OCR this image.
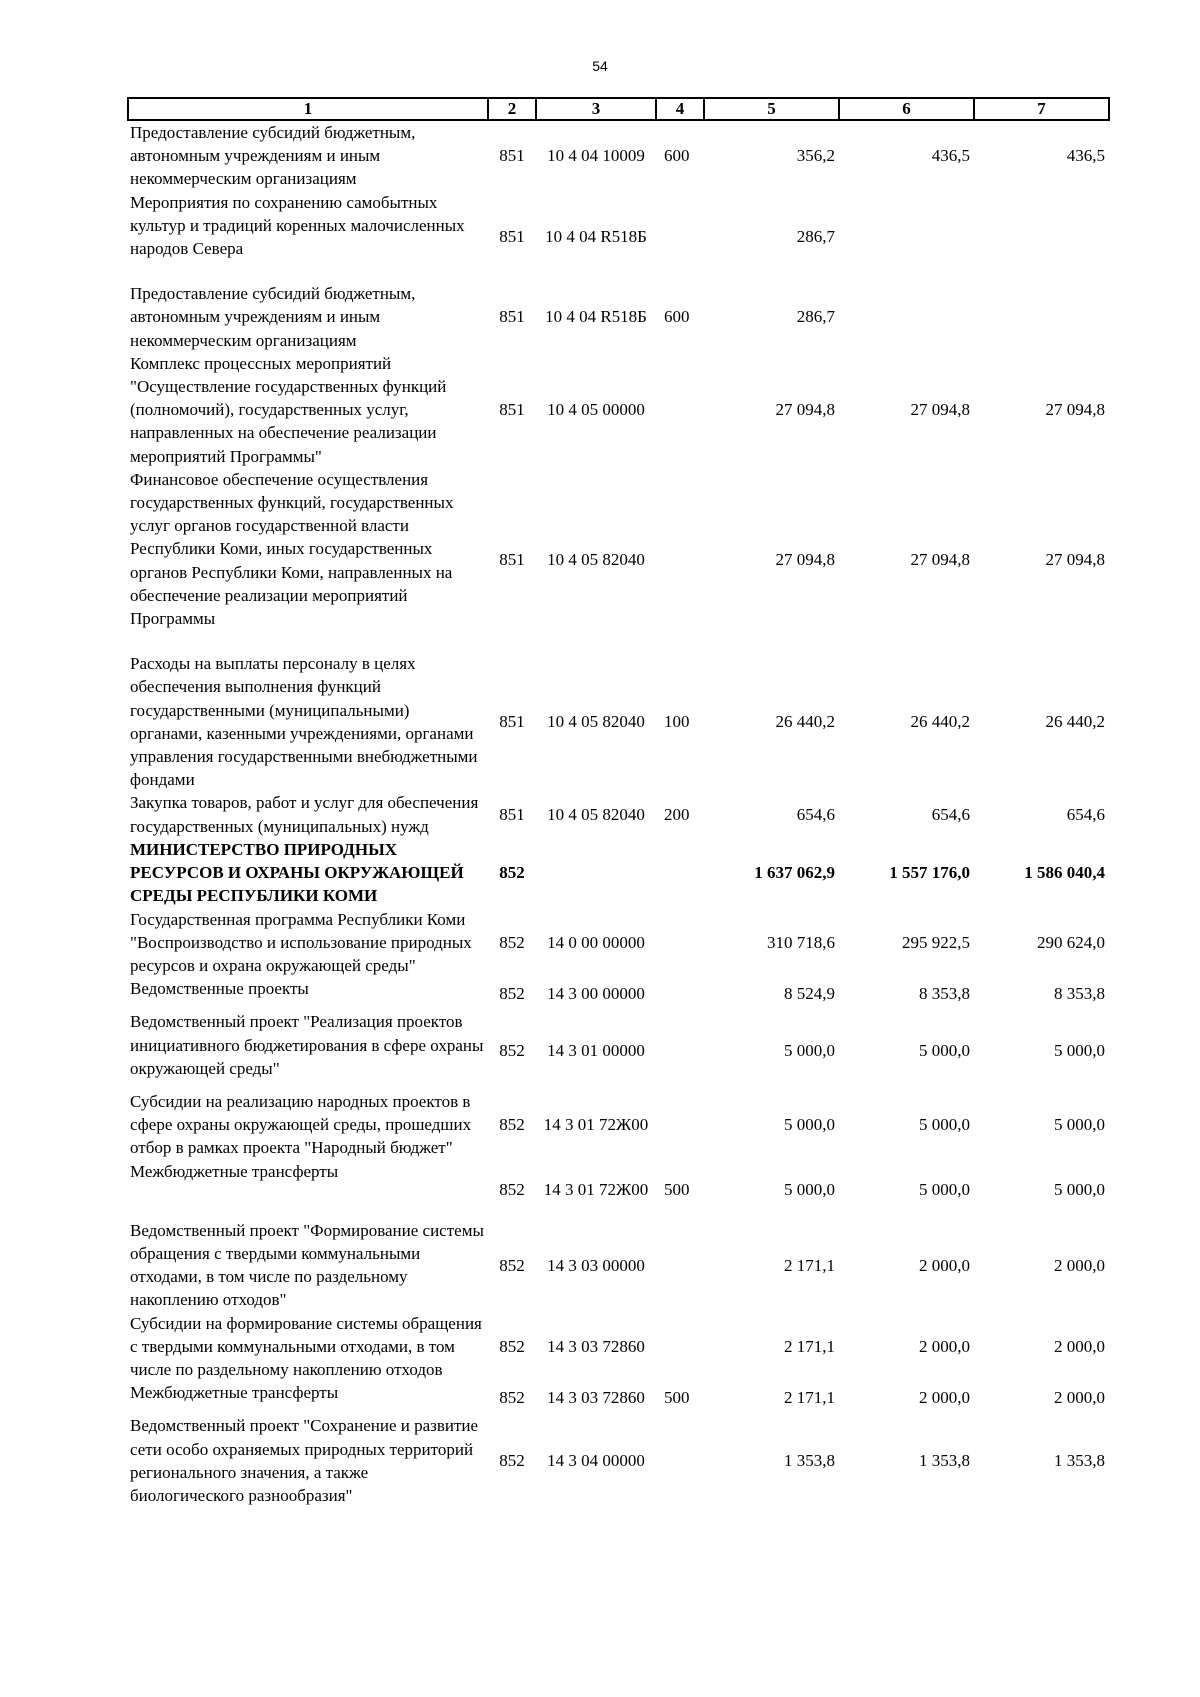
54
1	2	3	4	5	6	7
Предоставление субсидий бюджетным, автономным учреждениям и иным некоммерческим организациям	851	10 4 04 10009	600	356,2	436,5	436,5
Мероприятия по сохранению самобытных культур и традиций коренных малочисленных народов Севера	851	10 4 04 R518Б		286,7		
Предоставление субсидий бюджетным, автономным учреждениям и иным некоммерческим организациям	851	10 4 04 R518Б	600	286,7		
Комплекс процессных мероприятий "Осуществление государственных функций (полномочий), государственных услуг, направленных на обеспечение реализации мероприятий Программы"	851	10 4 05 00000		27 094,8	27 094,8	27 094,8
Финансовое обеспечение осуществления государственных функций, государственных услуг органов государственной власти Республики Коми, иных государственных органов Республики Коми, направленных на обеспечение реализации мероприятий Программы	851	10 4 05 82040		27 094,8	27 094,8	27 094,8
Расходы на выплаты персоналу в целях обеспечения выполнения функций государственными (муниципальными) органами, казенными учреждениями, органами управления государственными внебюджетными фондами	851	10 4 05 82040	100	26 440,2	26 440,2	26 440,2
Закупка товаров, работ и услуг для обеспечения государственных (муниципальных) нужд	851	10 4 05 82040	200	654,6	654,6	654,6
МИНИСТЕРСТВО ПРИРОДНЫХ РЕСУРСОВ И ОХРАНЫ ОКРУЖАЮЩЕЙ СРЕДЫ РЕСПУБЛИКИ КОМИ	852			1 637 062,9	1 557 176,0	1 586 040,4
Государственная программа Республики Коми "Воспроизводство и использование природных ресурсов и охрана окружающей среды"	852	14 0 00 00000		310 718,6	295 922,5	290 624,0
Ведомственные проекты	852	14 3 00 00000		8 524,9	8 353,8	8 353,8
Ведомственный проект "Реализация проектов инициативного бюджетирования в сфере охраны окружающей среды"	852	14 3 01 00000		5 000,0	5 000,0	5 000,0
Субсидии на реализацию народных проектов в сфере охраны окружающей среды, прошедших отбор в рамках проекта "Народный бюджет"	852	14 3 01 72Ж00		5 000,0	5 000,0	5 000,0
Межбюджетные трансферты	852	14 3 01 72Ж00	500	5 000,0	5 000,0	5 000,0
Ведомственный проект "Формирование системы обращения с твердыми коммунальными отходами, в том числе по раздельному накоплению отходов"	852	14 3 03 00000		2 171,1	2 000,0	2 000,0
Субсидии на формирование системы обращения с твердыми коммунальными отходами, в том числе по раздельному накоплению отходов	852	14 3 03 72860		2 171,1	2 000,0	2 000,0
Межбюджетные трансферты	852	14 3 03 72860	500	2 171,1	2 000,0	2 000,0
Ведомственный проект "Сохранение и развитие сети особо охраняемых природных территорий регионального значения, а также биологического разнообразия"	852	14 3 04 00000		1 353,8	1 353,8	1 353,8
